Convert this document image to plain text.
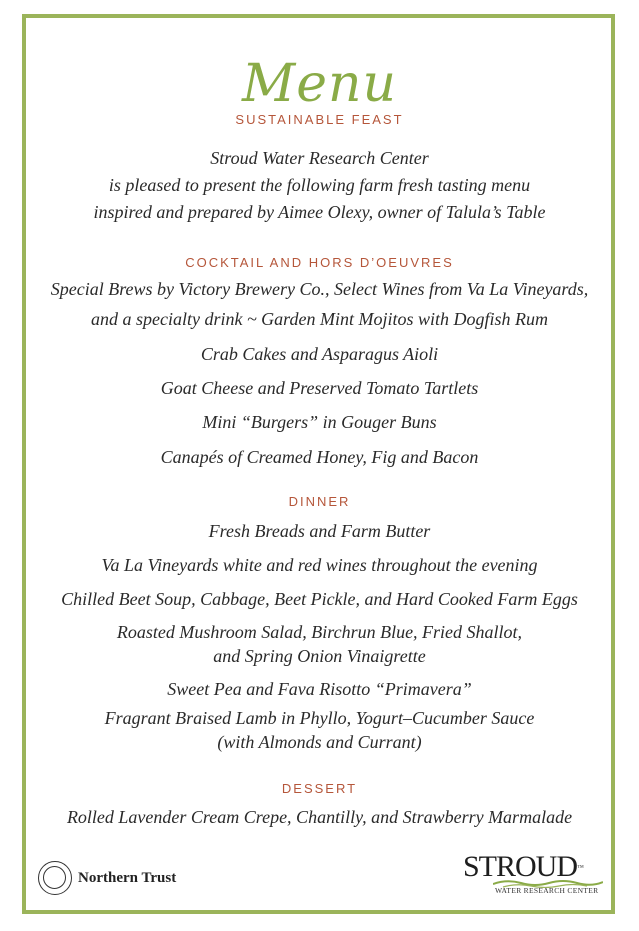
Menu
SUSTAINABLE FEAST
Stroud Water Research Center
is pleased to present the following farm fresh tasting menu
inspired and prepared by Aimee Olexy, owner of Talula’s Table
COCKTAIL AND HORS D’OEUVRES
Special Brews by Victory Brewery Co., Select Wines from Va La Vineyards,
and a specialty drink ~ Garden Mint Mojitos with Dogfish Rum
Crab Cakes and Asparagus Aioli
Goat Cheese and Preserved Tomato Tartlets
Mini “Burgers” in Gouger Buns
Canapés of Creamed Honey, Fig and Bacon
DINNER
Fresh Breads and Farm Butter
Va La Vineyards white and red wines throughout the evening
Chilled Beet Soup, Cabbage, Beet Pickle, and Hard Cooked Farm Eggs
Roasted Mushroom Salad, Birchrun Blue, Fried Shallot,
and Spring Onion Vinaigrette
Sweet Pea and Fava Risotto “Primavera”
Fragrant Braised Lamb in Phyllo, Yogurt–Cucumber Sauce
(with Almonds and Currant)
DESSERT
Rolled Lavender Cream Crepe, Chantilly, and Strawberry Marmalade
Northern Trust	STROUD™
WATER RESEARCH CENTER
